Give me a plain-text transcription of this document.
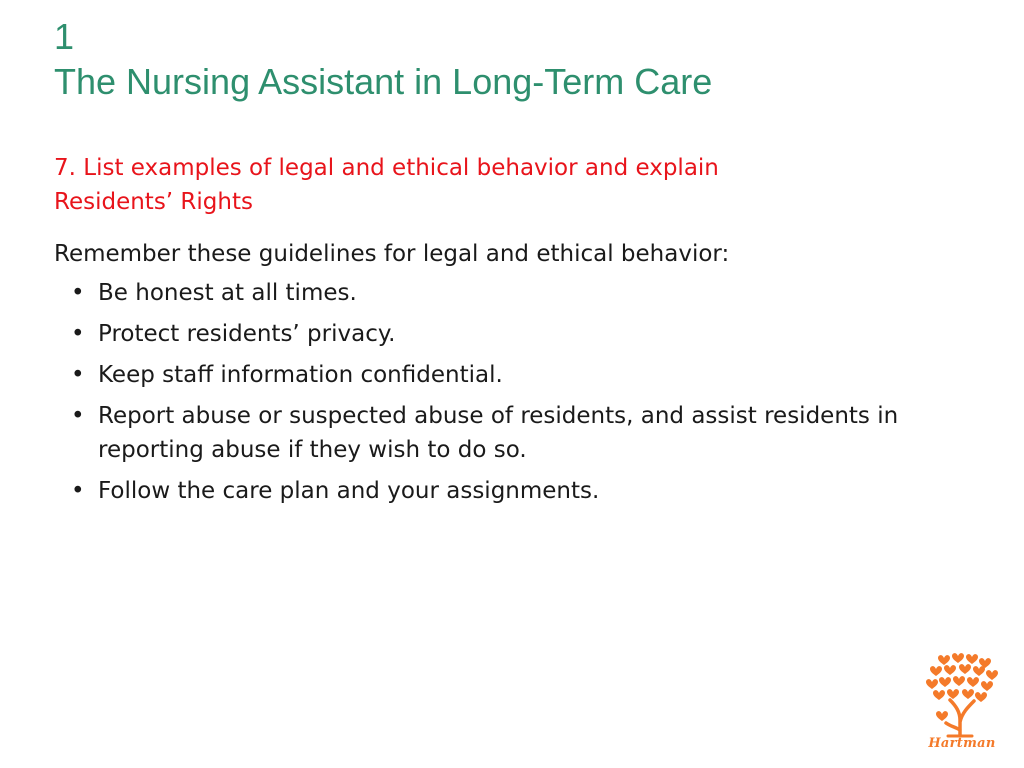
1
The Nursing Assistant in Long-Term Care
7. List examples of legal and ethical behavior and explain
Residents’ Rights
Remember these guidelines for legal and ethical behavior:
• Be honest at all times.
• Protect residents’ privacy.
• Keep staff information confidential.
• Report abuse or suspected abuse of residents, and assist residents in reporting abuse if they wish to do so.
• Follow the care plan and your assignments.
Hartman
